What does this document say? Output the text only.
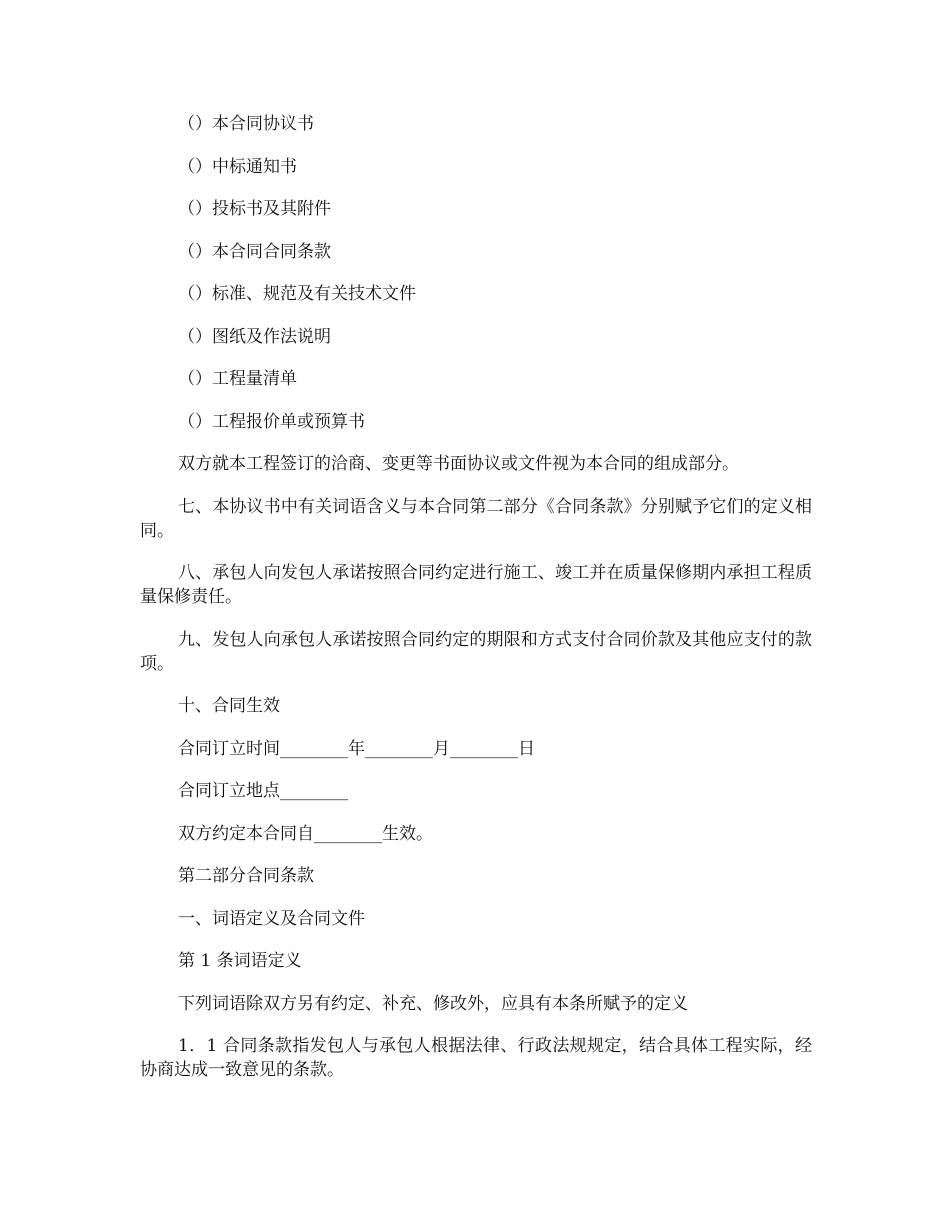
（）本合同协议书

（）中标通知书

（）投标书及其附件

（）本合同合同条款

（）标准、规范及有关技术文件

（）图纸及作法说明

（）工程量清单

（）工程报价单或预算书

双方就本工程签订的洽商、变更等书面协议或文件视为本合同的组成部分。

七、本协议书中有关词语含义与本合同第二部分《合同条款》分别赋予它们的定义相同。

八、承包人向发包人承诺按照合同约定进行施工、竣工并在质量保修期内承担工程质量保修责任。

九、发包人向承包人承诺按照合同约定的期限和方式支付合同价款及其他应支付的款项。

十、合同生效

合同订立时间________年________月________日

合同订立地点________

双方约定本合同自________生效。

第二部分合同条款

一、词语定义及合同文件

第 1 条词语定义

下列词语除双方另有约定、补充、修改外，应具有本条所赋予的定义

1．1 合同条款指发包人与承包人根据法律、行政法规规定，结合具体工程实际，经协商达成一致意见的条款。
